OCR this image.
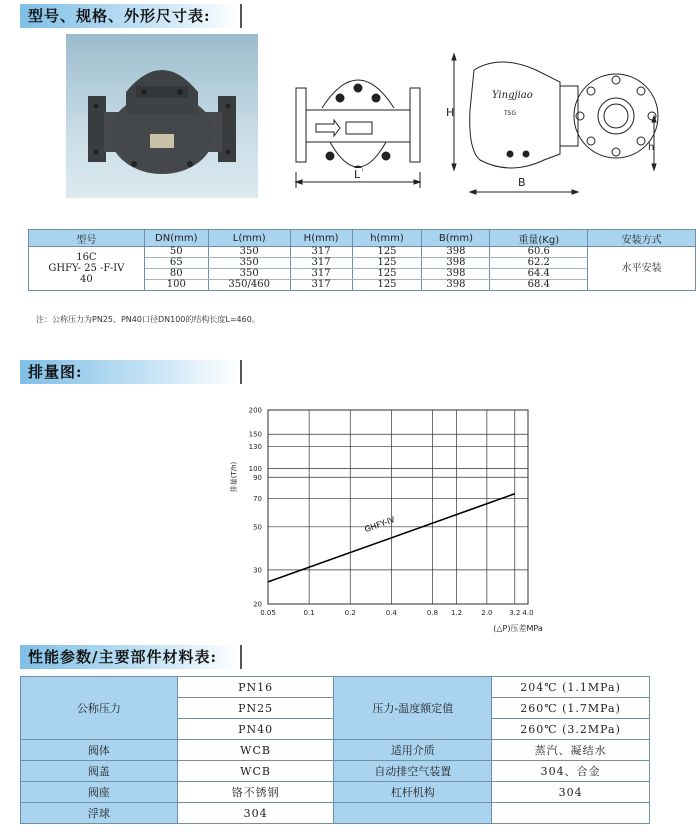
型号、规格、外形尺寸表:
L
H
B
h
Yingjiao
TSG
型号	DN(mm)	L(mm)	H(mm)	h(mm)	B(mm)	重量(Kg)	安装方式

16C
GHFY- 25 -F-IV
40	50	350	317	125	398	60.6	水平安装
	65	350	317	125	398	62.2	
	80	350	317	125	398	64.4	
	100	350/460	317	125	398	68.4	
注：公称压力为PN25、PN40口径DN100的结构长度L=460。
排量图:
0.05	0.1	0.2	0.4	0.8 1.2	2.0 3.2 4.0
20
30
50
70
90
100
130
150
200
GHFY-IV
排量(T/h)
(△P)压差MPa
性能参数/主要部件材料表:
公称压力	PN16	压力-温度额定值	204℃ (1.1MPa)
	PN25		260℃ (1.7MPa)
	PN40		260℃ (3.2MPa)
阀体	WCB	适用介质	蒸汽、凝结水
阀盖	WCB	自动排空气装置	304、合金
阀座	铬不锈钢	杠杆机构	304
浮球	304		
